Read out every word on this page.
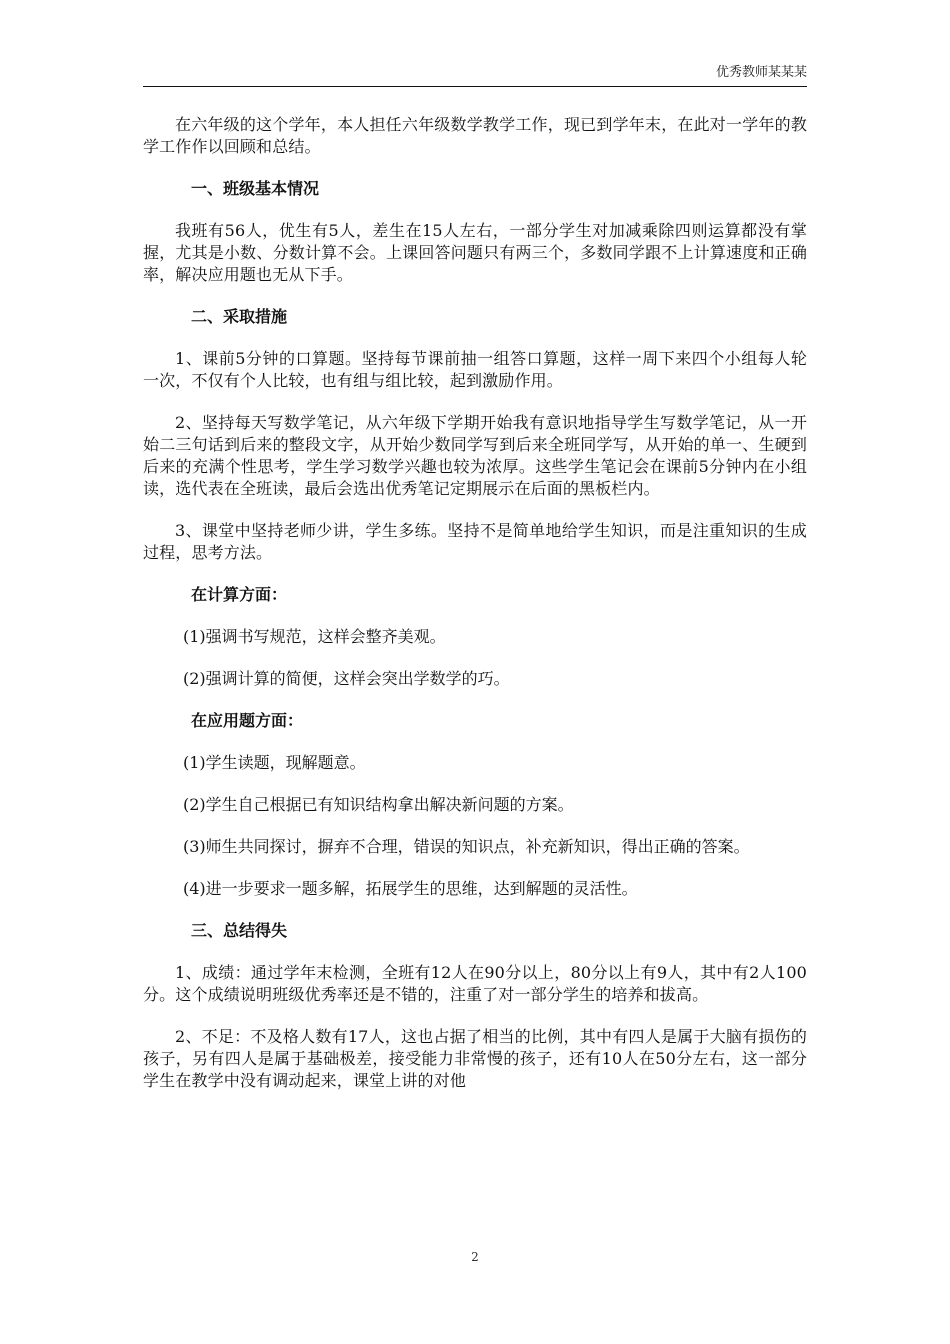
优秀教师某某某

在六年级的这个学年，本人担任六年级数学教学工作，现已到学年末，在此对一学年的教学工作作以回顾和总结。

一、班级基本情况

我班有56人，优生有5人，差生在15人左右，一部分学生对加减乘除四则运算都没有掌握，尤其是小数、分数计算不会。上课回答问题只有两三个，多数同学跟不上计算速度和正确率，解决应用题也无从下手。

二、采取措施

1、课前5分钟的口算题。坚持每节课前抽一组答口算题，这样一周下来四个小组每人轮一次，不仅有个人比较，也有组与组比较，起到激励作用。

2、坚持每天写数学笔记，从六年级下学期开始我有意识地指导学生写数学笔记，从一开始二三句话到后来的整段文字，从开始少数同学写到后来全班同学写，从开始的单一、生硬到后来的充满个性思考，学生学习数学兴趣也较为浓厚。这些学生笔记会在课前5分钟内在小组读，选代表在全班读，最后会选出优秀笔记定期展示在后面的黑板栏内。

3、课堂中坚持老师少讲，学生多练。坚持不是简单地给学生知识，而是注重知识的生成过程，思考方法。

在计算方面：

(1)强调书写规范，这样会整齐美观。

(2)强调计算的简便，这样会突出学数学的巧。

在应用题方面：

(1)学生读题，现解题意。

(2)学生自己根据已有知识结构拿出解决新问题的方案。

(3)师生共同探讨，摒弃不合理，错误的知识点，补充新知识，得出正确的答案。

(4)进一步要求一题多解，拓展学生的思维，达到解题的灵活性。

三、总结得失

1、成绩：通过学年末检测，全班有12人在90分以上，80分以上有9人，其中有2人100分。这个成绩说明班级优秀率还是不错的，注重了对一部分学生的培养和拔高。

2、不足：不及格人数有17人，这也占据了相当的比例，其中有四人是属于大脑有损伤的孩子，另有四人是属于基础极差，接受能力非常慢的孩子，还有10人在50分左右，这一部分学生在教学中没有调动起来，课堂上讲的对他

2
